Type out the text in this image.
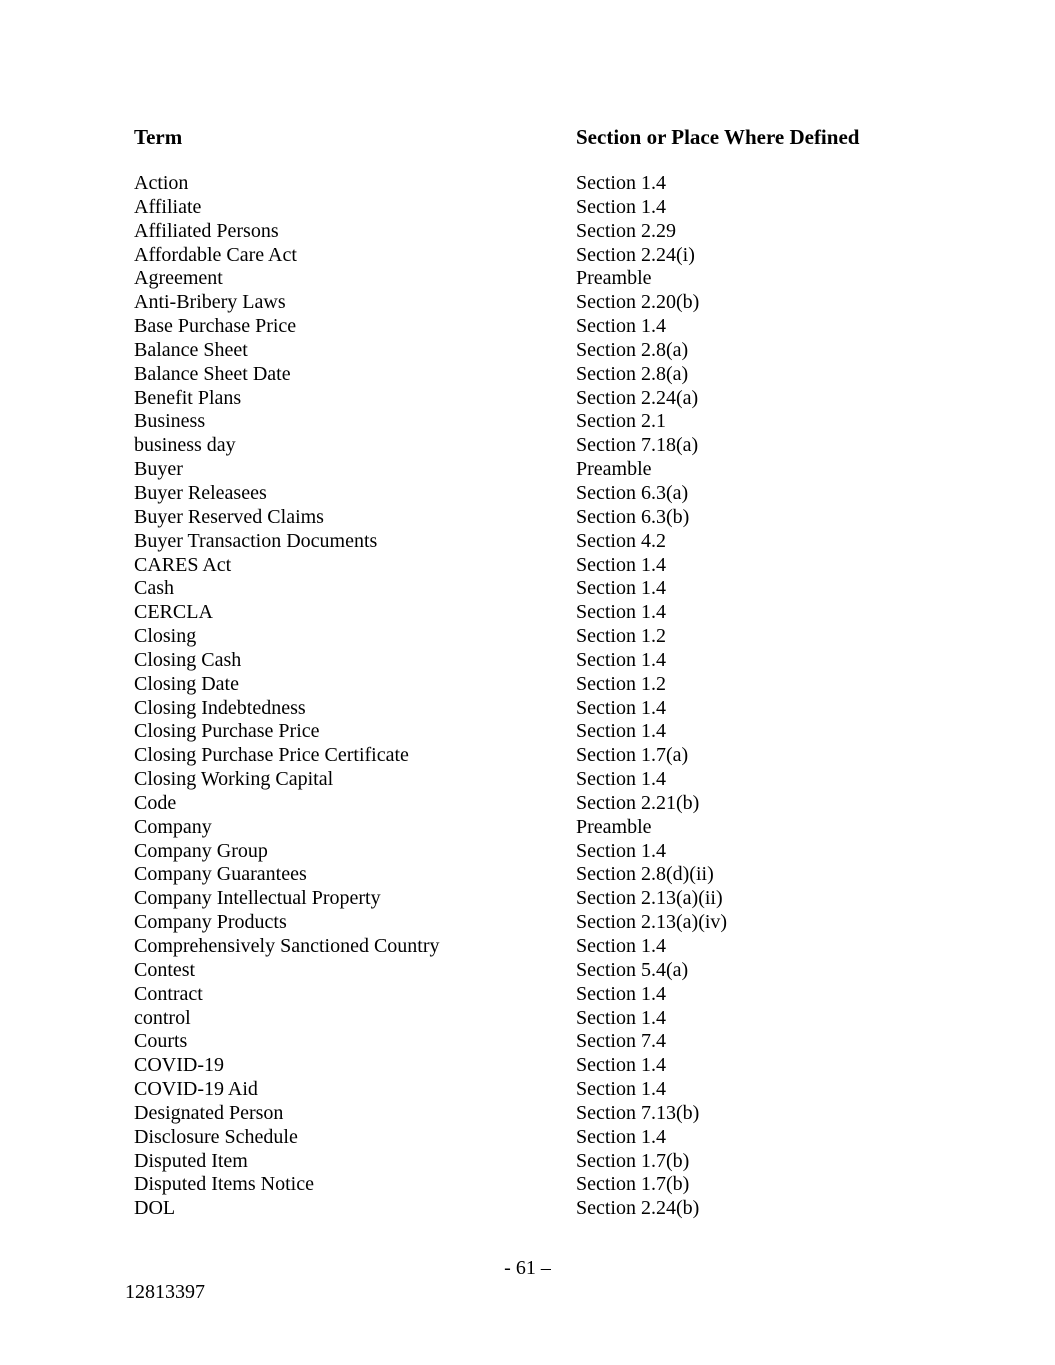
Term	Section or Place Where Defined
Action	Section 1.4
Affiliate	Section 1.4
Affiliated Persons	Section 2.29
Affordable Care Act	Section 2.24(i)
Agreement	Preamble
Anti-Bribery Laws	Section 2.20(b)
Base Purchase Price	Section 1.4
Balance Sheet	Section 2.8(a)
Balance Sheet Date	Section 2.8(a)
Benefit Plans	Section 2.24(a)
Business	Section 2.1
business day	Section 7.18(a)
Buyer	Preamble
Buyer Releasees	Section 6.3(a)
Buyer Reserved Claims	Section 6.3(b)
Buyer Transaction Documents	Section 4.2
CARES Act	Section 1.4
Cash	Section 1.4
CERCLA	Section 1.4
Closing	Section 1.2
Closing Cash	Section 1.4
Closing Date	Section 1.2
Closing Indebtedness	Section 1.4
Closing Purchase Price	Section 1.4
Closing Purchase Price Certificate	Section 1.7(a)
Closing Working Capital	Section 1.4
Code	Section 2.21(b)
Company	Preamble
Company Group	Section 1.4
Company Guarantees	Section 2.8(d)(ii)
Company Intellectual Property	Section 2.13(a)(ii)
Company Products	Section 2.13(a)(iv)
Comprehensively Sanctioned Country	Section 1.4
Contest	Section 5.4(a)
Contract	Section 1.4
control	Section 1.4
Courts	Section 7.4
COVID-19	Section 1.4
COVID-19 Aid	Section 1.4
Designated Person	Section 7.13(b)
Disclosure Schedule	Section 1.4
Disputed Item	Section 1.7(b)
Disputed Items Notice	Section 1.7(b)
DOL	Section 2.24(b)
- 61 –
12813397
